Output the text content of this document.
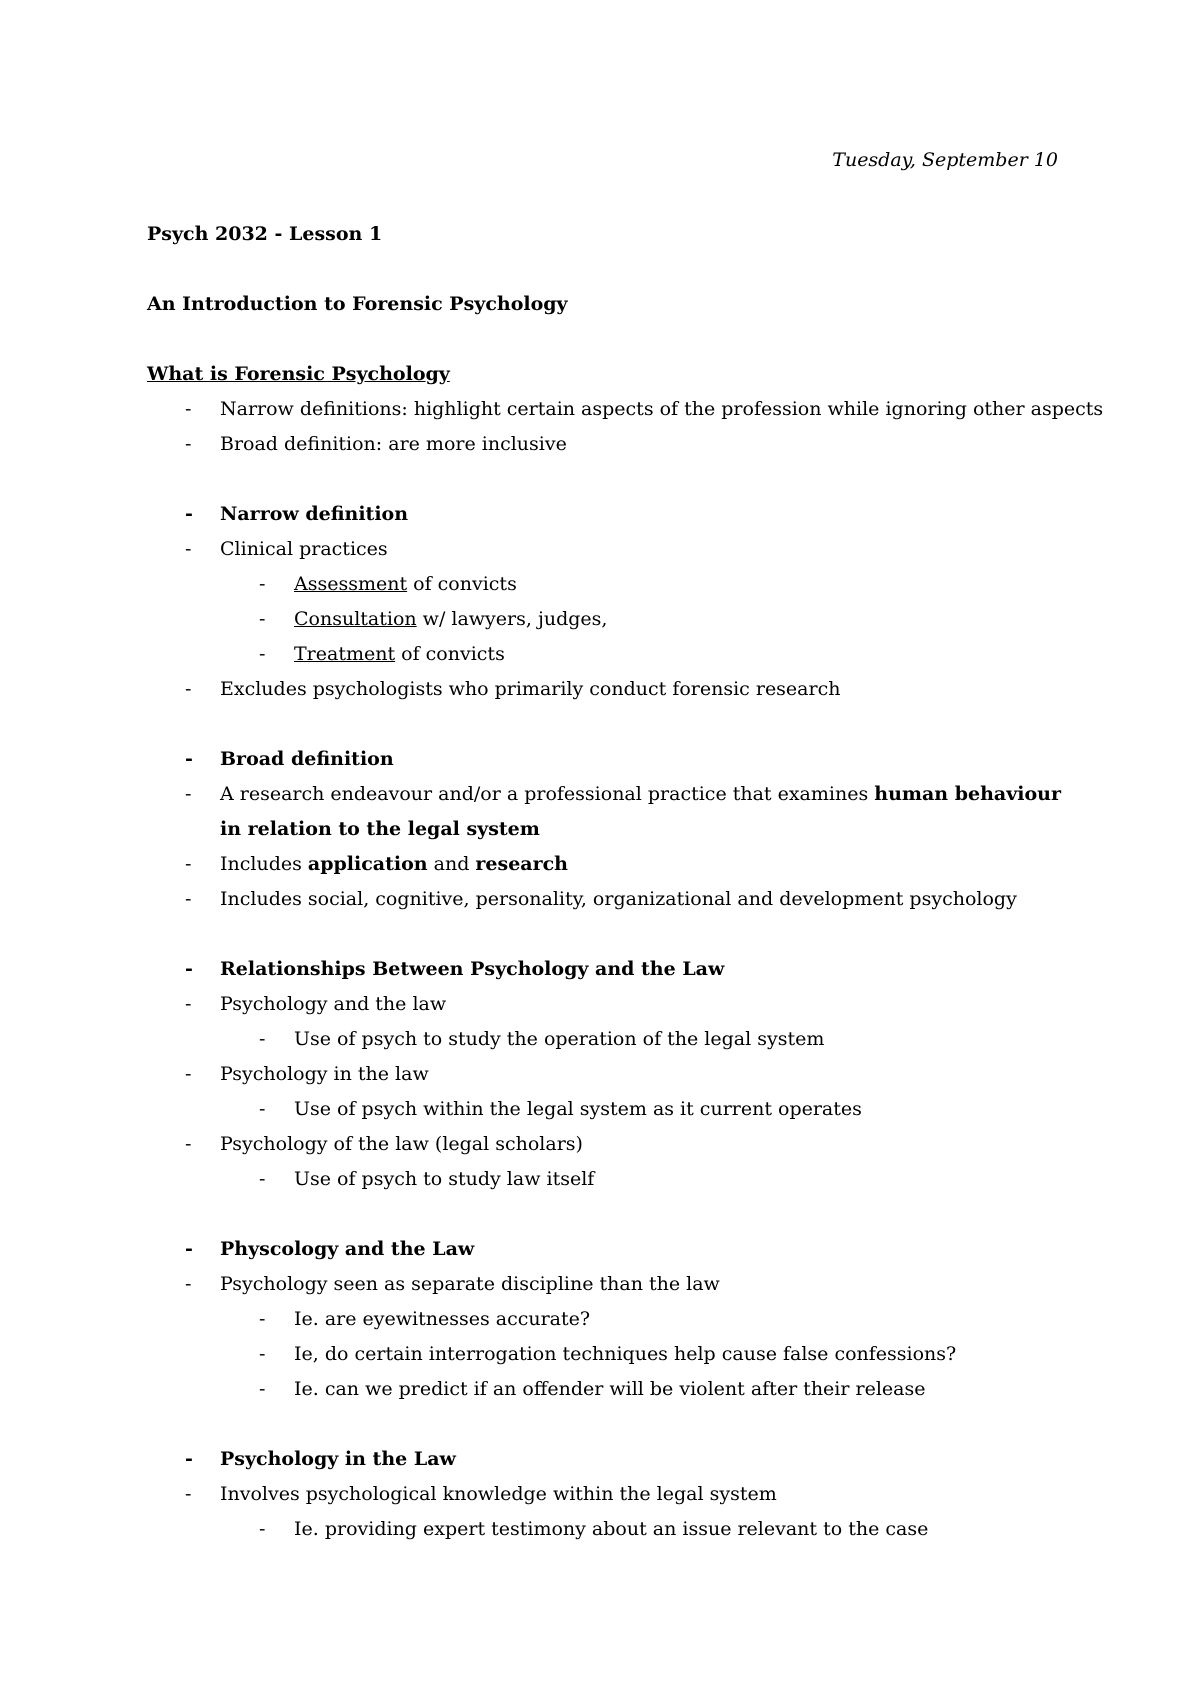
Tuesday, September 10
Psych 2032 - Lesson 1
An Introduction to Forensic Psychology
What is Forensic Psychology
- Narrow definitions: highlight certain aspects of the profession while ignoring other aspects
- Broad definition: are more inclusive
- Narrow definition
- Clinical practices
- Assessment of convicts
- Consultation w/ lawyers, judges,
- Treatment of convicts
- Excludes psychologists who primarily conduct forensic research
- Broad definition
- A research endeavour and/or a professional practice that examines human behaviour in relation to the legal system
- Includes application and research
- Includes social, cognitive, personality, organizational and development psychology
- Relationships Between Psychology and the Law
- Psychology and the law
- Use of psych to study the operation of the legal system
- Psychology in the law
- Use of psych within the legal system as it current operates
- Psychology of the law (legal scholars)
- Use of psych to study law itself
- Physcology and the Law
- Psychology seen as separate discipline than the law
- Ie. are eyewitnesses accurate?
- Ie, do certain interrogation techniques help cause false confessions?
- Ie. can we predict if an offender will be violent after their release
- Psychology in the Law
- Involves psychological knowledge within the legal system
- Ie. providing expert testimony about an issue relevant to the case
